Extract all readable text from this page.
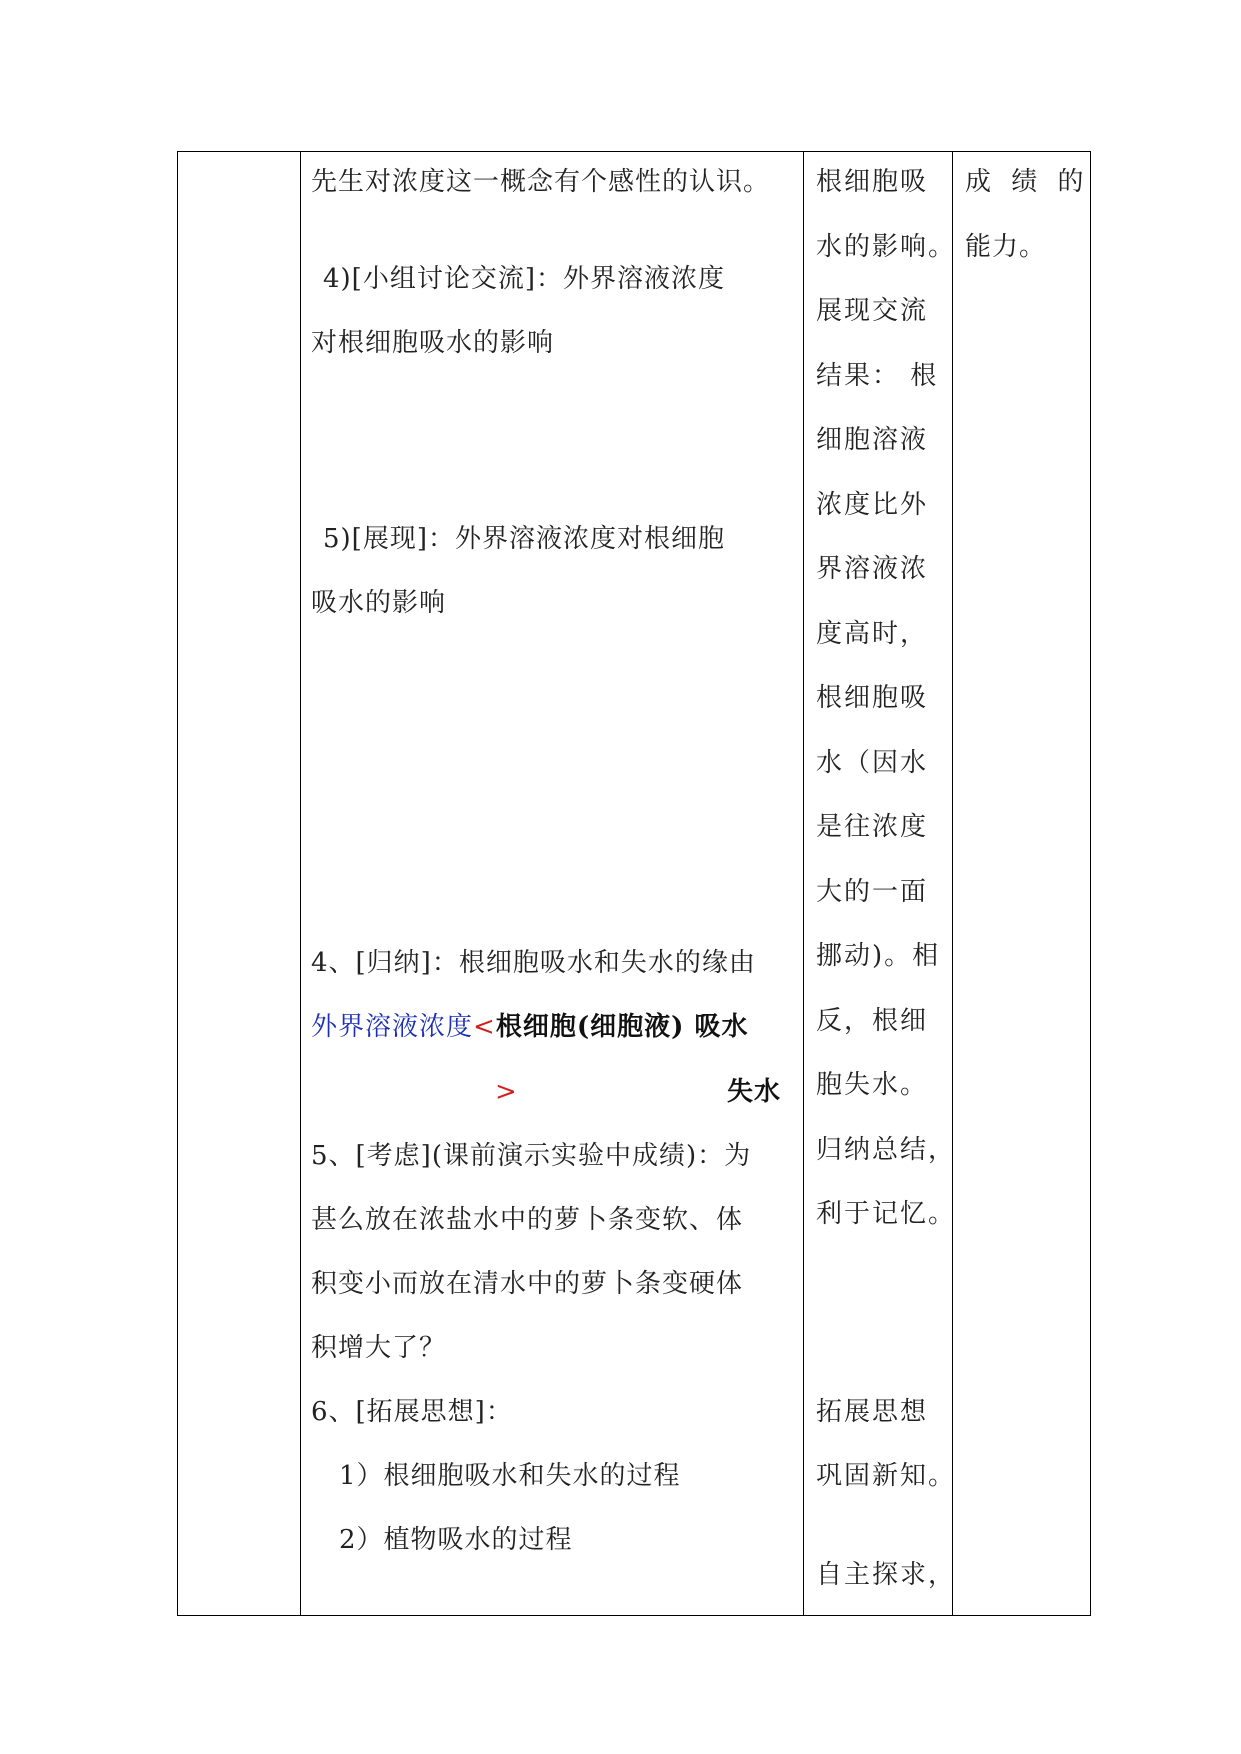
先生对浓度这一概念有个感性的认识。
4)[小组讨论交流]：外界溶液浓度
对根细胞吸水的影响
5)[展现]：外界溶液浓度对根细胞
吸水的影响
4、[归纳]：根细胞吸水和失水的缘由
外界溶液浓度<根细胞(细胞液) 吸水
>	失水
5、[考虑](课前演示实验中成绩)：为
甚么放在浓盐水中的萝卜条变软、体
积变小而放在清水中的萝卜条变硬体
积增大了？
6、[拓展思想]：
1）根细胞吸水和失水的过程
2）植物吸水的过程
根细胞吸
水的影响。
展现交流
结果： 根
细胞溶液
浓度比外
界溶液浓
度高时，
根细胞吸
水（因水
是往浓度
大的一面
挪动)。相
反，根细
胞失水。
归纳总结，
利于记忆。
拓展思想
巩固新知。
自主探求，
成 绩 的
能力。
